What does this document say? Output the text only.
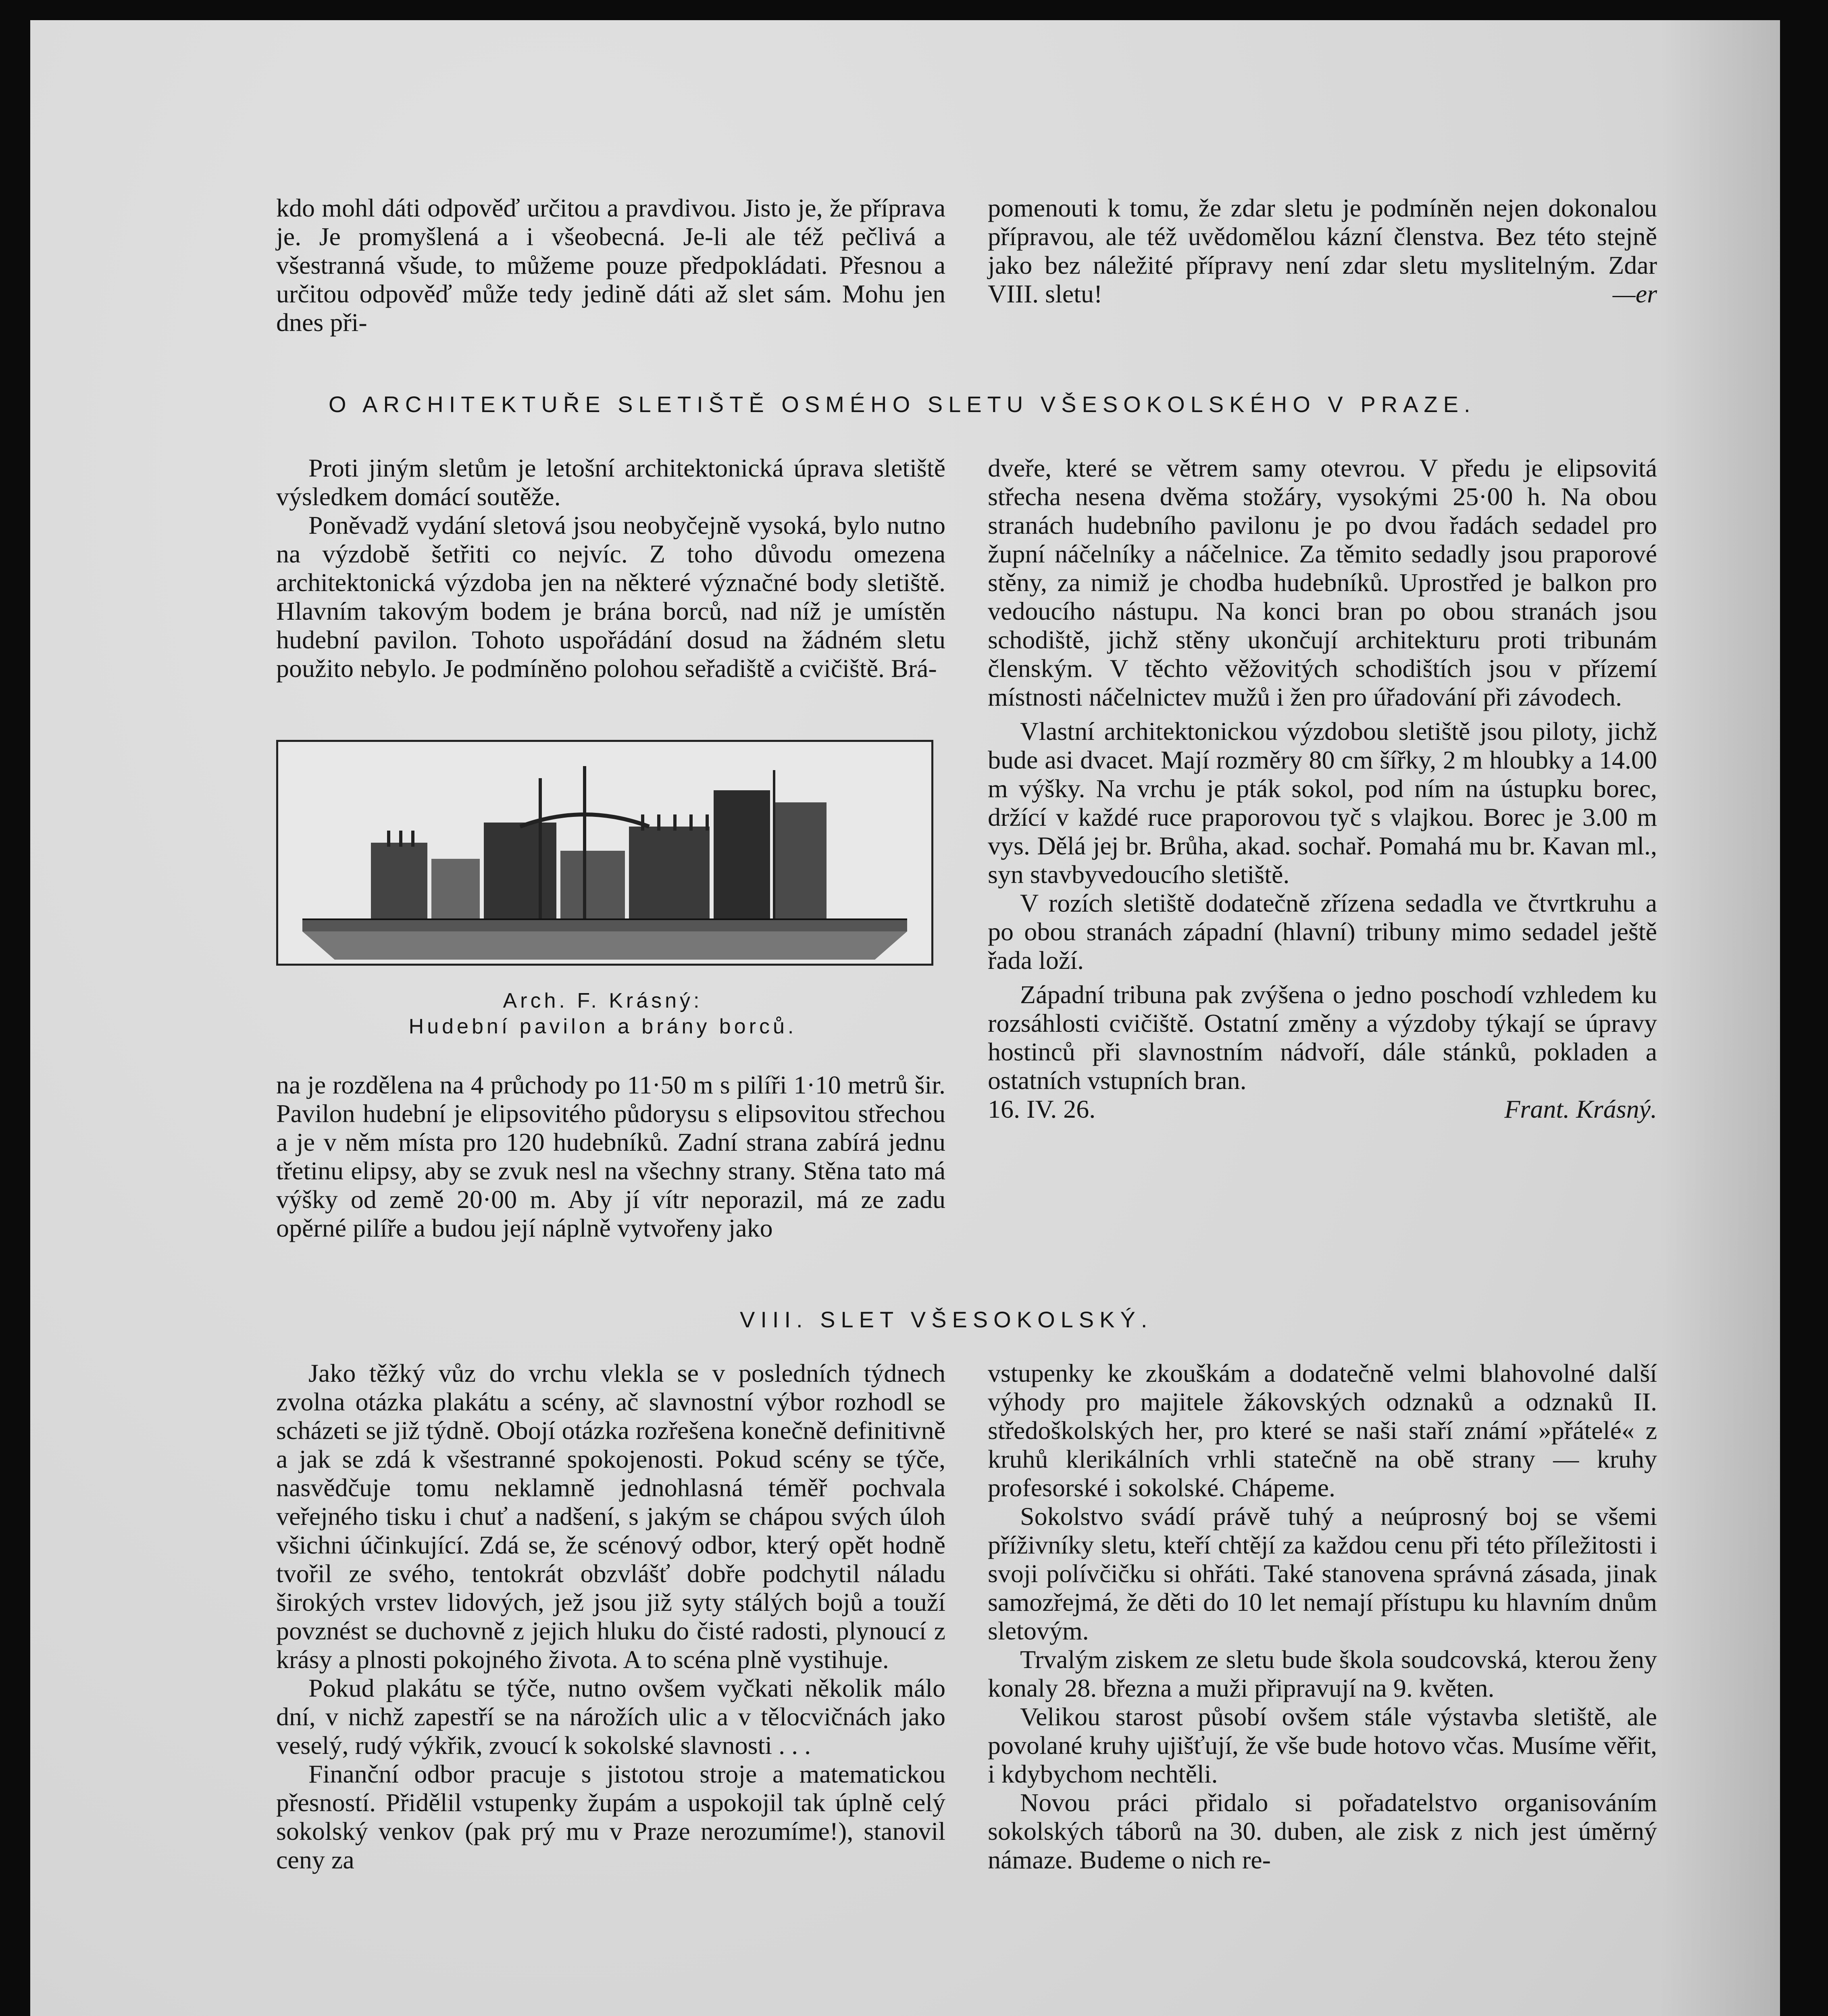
kdo mohl dáti odpověď určitou a pravdivou. Jisto je, že příprava je. Je promyšlená a i všeobecná. Je-li ale též pečlivá a všestranná všude, to můžeme pouze předpokládati. Přesnou a určitou odpověď může tedy jedině dáti až slet sám. Mohu jen dnes při-

pomenouti k tomu, že zdar sletu je podmíněn nejen dokonalou přípravou, ale též uvědomělou kázní členstva. Bez této stejně jako bez náležité přípravy není zdar sletu myslitelným. Zdar VIII. sletu!	—er

O ARCHITEKTUŘE SLETIŠTĚ OSMÉHO SLETU VŠESOKOLSKÉHO V PRAZE.

Proti jiným sletům je letošní architektonická úprava sletiště výsledkem domácí soutěže.

Poněvadž vydání sletová jsou neobyčejně vysoká, bylo nutno na výzdobě šetřiti co nejvíc. Z toho důvodu omezena architektonická výzdoba jen na některé význačné body sletiště. Hlavním takovým bodem je brána borců, nad níž je umístěn hudební pavilon. Tohoto uspořádání dosud na žádném sletu použito nebylo. Je podmíněno polohou seřadiště a cvičiště. Brá-

Arch. F. Krásný:
Hudební pavilon a brány borců.

na je rozdělena na 4 průchody po 11·50 m s pilíři 1·10 metrů šir. Pavilon hudební je elipsovitého půdorysu s elipsovitou střechou a je v něm místa pro 120 hudebníků. Zadní strana zabírá jednu třetinu elipsy, aby se zvuk nesl na všechny strany. Stěna tato má výšky od země 20·00 m. Aby jí vítr neporazil, má ze zadu opěrné pilíře a budou její náplně vytvořeny jako

dveře, které se větrem samy otevrou. V předu je elipsovitá střecha nesena dvěma stožáry, vysokými 25·00 h. Na obou stranách hudebního pavilonu je po dvou řadách sedadel pro župní náčelníky a náčelnice. Za těmito sedadly jsou praporové stěny, za nimiž je chodba hudebníků. Uprostřed je balkon pro vedoucího nástupu. Na konci bran po obou stranách jsou schodiště, jichž stěny ukončují architekturu proti tribunám členským. V těchto věžovitých schodištích jsou v přízemí místnosti náčelnictev mužů i žen pro úřadování při závodech.

Vlastní architektonickou výzdobou sletiště jsou piloty, jichž bude asi dvacet. Mají rozměry 80 cm šířky, 2 m hloubky a 14.00 m výšky. Na vrchu je pták sokol, pod ním na ústupku borec, držící v každé ruce praporovou tyč s vlajkou. Borec je 3.00 m vys. Dělá jej br. Brůha, akad. sochař. Pomahá mu br. Kavan ml., syn stavbyvedoucího sletiště.

V rozích sletiště dodatečně zřízena sedadla ve čtvrtkruhu a po obou stranách západní (hlavní) tribuny mimo sedadel ještě řada loží.

Západní tribuna pak zvýšena o jedno poschodí vzhledem ku rozsáhlosti cvičiště. Ostatní změny a výzdoby týkají se úpravy hostinců při slavnostním nádvoří, dále stánků, pokladen a ostatních vstupních bran.

16. IV. 26.	Frant. Krásný.
VIII. SLET VŠESOKOLSKÝ.

Jako těžký vůz do vrchu vlekla se v posledních týdnech zvolna otázka plakátu a scény, ač slavnostní výbor rozhodl se scházeti se již týdně. Obojí otázka rozřešena konečně definitivně a jak se zdá k všestranné spokojenosti. Pokud scény se týče, nasvědčuje tomu neklamně jednohlasná téměř pochvala veřejného tisku i chuť a nadšení, s jakým se chápou svých úloh všichni účinkující. Zdá se, že scénový odbor, který opět hodně tvořil ze svého, tentokrát obzvlášť dobře podchytil náladu širokých vrstev lidových, jež jsou již syty stálých bojů a touží povznést se duchovně z jejich hluku do čisté radosti, plynoucí z krásy a plnosti pokojného života. A to scéna plně vystihuje.

Pokud plakátu se týče, nutno ovšem vyčkati několik málo dní, v nichž zapestří se na nárožích ulic a v tělocvičnách jako veselý, rudý výkřik, zvoucí k sokolské slavnosti . . .

Finanční odbor pracuje s jistotou stroje a matematickou přesností. Přidělil vstupenky župám a uspokojil tak úplně celý sokolský venkov (pak prý mu v Praze nerozumíme!), stanovil ceny za

vstupenky ke zkouškám a dodatečně velmi blahovolné další výhody pro majitele žákovských odznaků a odznaků II. středoškolských her, pro které se naši staří známí »přátelé« z kruhů klerikálních vrhli statečně na obě strany — kruhy profesorské i sokolské. Chápeme.

Sokolstvo svádí právě tuhý a neúprosný boj se všemi příživníky sletu, kteří chtějí za každou cenu při této příležitosti i svoji polívčičku si ohřáti. Také stanovena správná zásada, jinak samozřejmá, že děti do 10 let nemají přístupu ku hlavním dnům sletovým.

Trvalým ziskem ze sletu bude škola soudcovská, kterou ženy konaly 28. března a muži připravují na 9. květen.

Velikou starost působí ovšem stále výstavba sletiště, ale povolané kruhy ujišťují, že vše bude hotovo včas. Musíme věřit, i kdybychom nechtěli.

Novou práci přidalo si pořadatelstvo organisováním sokolských táborů na 30. duben, ale zisk z nich jest úměrný námaze. Budeme o nich re-
